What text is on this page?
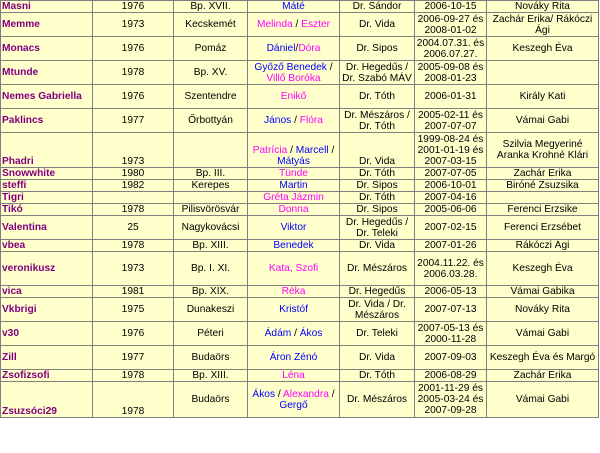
Masni	1976	Bp. XVII.	Máté	Dr. Sándor	2006-10-15	Nováky Rita
Memme	1973	Kecskemét	Melinda / Eszter	Dr. Vida	2006-09-27 és 2008-01-02	Zachár Erika/ Rákóczi Ági
Monacs	1976	Pomáz	Dániel/Dóra	Dr. Sipos	2004.07.31. és 2006.07.27.	Keszegh Éva
Mtunde	1978	Bp. XV.	Győző Benedek / Villő Boróka	Dr. Hegedűs / Dr. Szabó MÁV	2005-09-08 és 2008-01-23	
Nemes Gabriella	1976	Szentendre	Enikő	Dr. Tóth	2006-01-31	Király Kati
Paklincs	1977	Őrbottyán	János / Flóra	Dr. Mészáros / Dr. Tóth	2005-02-11 és 2007-07-07	Vámai Gabi
Phadri	1973		Patrícia / Marcell / Mátyás	Dr. Vida	1999-08-24 és 2001-01-19 és 2007-03-15	Szilvia Megyeriné Aranka Krohné Klári
Snowwhite	1980	Bp. III.	Tünde	Dr. Tóth	2007-07-05	Zachár Erika
steffi	1982	Kerepes	Martin	Dr. Sipos	2006-10-01	Birόné Zsuzsika
Tigri			Gréta Jázmin	Dr. Tóth	2007-04-16	
Tikó	1978	Pilisvörösvár	Donna	Dr. Sipos	2005-06-06	Ferenci Erzsike
Valentina	25	Nagykovácsi	Viktor	Dr. Hegedűs / Dr. Teleki	2007-02-15	Ferenci Erzsébet
vbea	1978	Bp. XIII.	Benedek	Dr. Vida	2007-01-26	Rákóczi Ági
veronikusz	1973	Bp. I. XI.	Kata, Szofi	Dr. Mészáros	2004.11.22. és 2006.03.28.	Keszegh Éva
vica	1981	Bp. XIX.	Réka	Dr. Hegedűs	2006-05-13	Vámai Gabika
Vkbrigi	1975	Dunakeszi	Kristóf	Dr. Vida / Dr. Mészáros	2007-07-13	Nováky Rita
v30	1976	Péteri	Ádám / Ákos	Dr. Teleki	2007-05-13 és 2000-11-28	Vámai Gabi
Zill	1977	Budaörs	Áron Zénó	Dr. Vida	2007-09-03	Keszegh Éva és Margó
Zsofizsofi	1978	Bp. XIII.	Léna	Dr. Tóth	2006-08-29	Zachár Erika
Zsuzsóci29	1978	Budaörs	Ákos / Alexandra / Gergő	Dr. Mészáros	2001-11-29 és 2005-03-24 és 2007-09-28	Vámai Gabi
